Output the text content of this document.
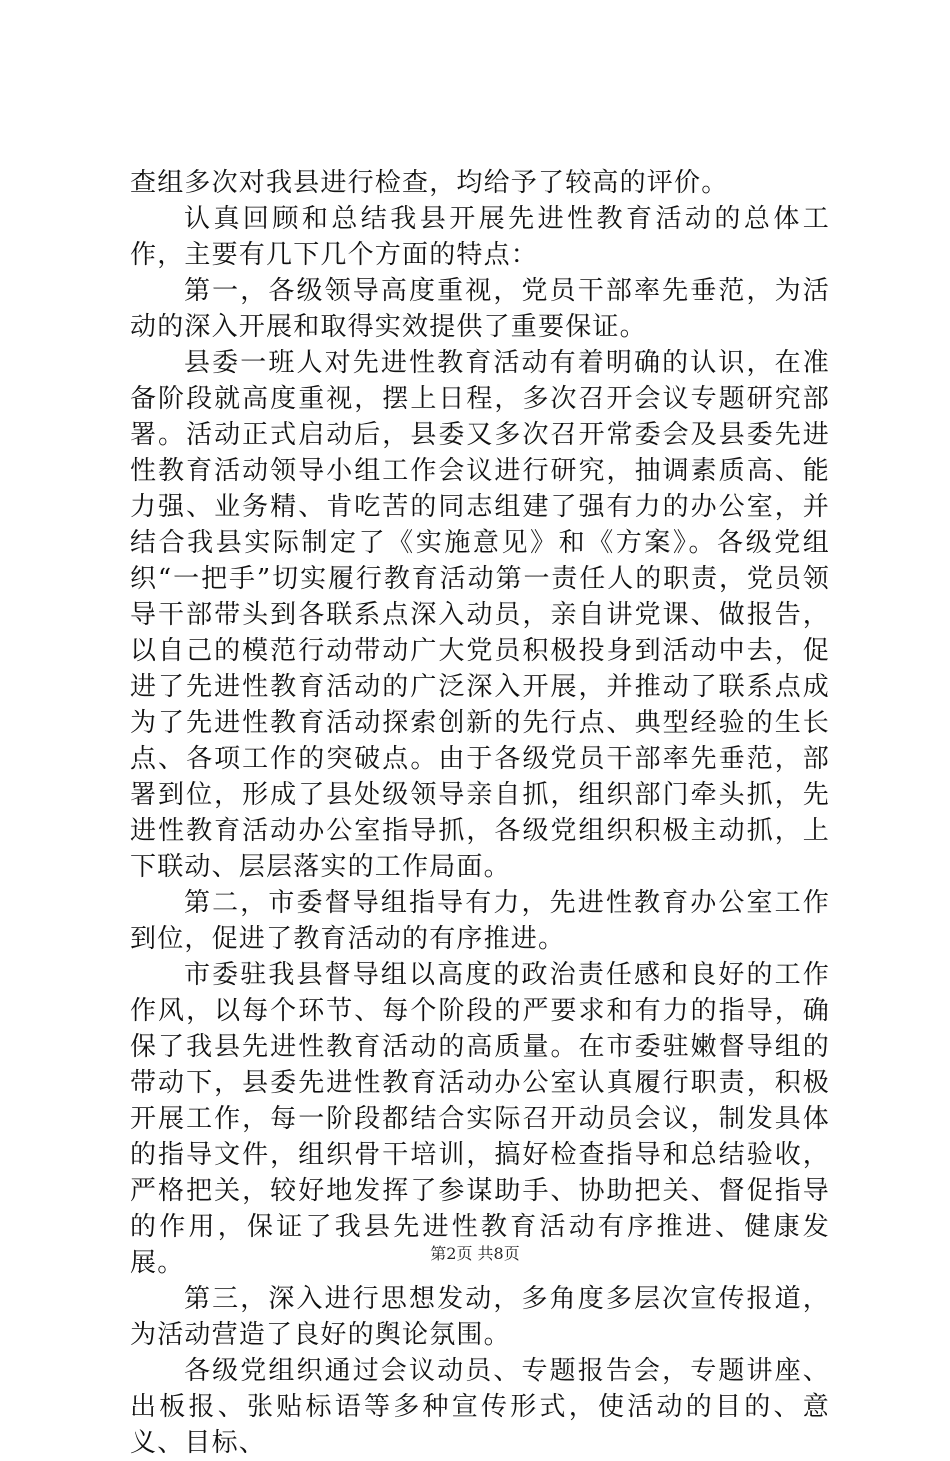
查组多次对我县进行检查，均给予了较高的评价。

认真回顾和总结我县开展先进性教育活动的总体工作，主要有几下几个方面的特点：

第一，各级领导高度重视，党员干部率先垂范，为活动的深入开展和取得实效提供了重要保证。

县委一班人对先进性教育活动有着明确的认识，在准备阶段就高度重视，摆上日程，多次召开会议专题研究部署。活动正式启动后，县委又多次召开常委会及县委先进性教育活动领导小组工作会议进行研究，抽调素质高、能力强、业务精、肯吃苦的同志组建了强有力的办公室，并结合我县实际制定了《实施意见》和《方案》。各级党组织“一把手”切实履行教育活动第一责任人的职责，党员领导干部带头到各联系点深入动员，亲自讲党课、做报告，以自己的模范行动带动广大党员积极投身到活动中去，促进了先进性教育活动的广泛深入开展，并推动了联系点成为了先进性教育活动探索创新的先行点、典型经验的生长点、各项工作的突破点。由于各级党员干部率先垂范，部署到位，形成了县处级领导亲自抓，组织部门牵头抓，先进性教育活动办公室指导抓，各级党组织积极主动抓，上下联动、层层落实的工作局面。

第二，市委督导组指导有力，先进性教育办公室工作到位，促进了教育活动的有序推进。

市委驻我县督导组以高度的政治责任感和良好的工作作风，以每个环节、每个阶段的严要求和有力的指导，确保了我县先进性教育活动的高质量。在市委驻嫩督导组的带动下，县委先进性教育活动办公室认真履行职责，积极开展工作，每一阶段都结合实际召开动员会议，制发具体的指导文件，组织骨干培训，搞好检查指导和总结验收，严格把关，较好地发挥了参谋助手、协助把关、督促指导的作用，保证了我县先进性教育活动有序推进、健康发展。

第三，深入进行思想发动，多角度多层次宣传报道，为活动营造了良好的舆论氛围。

各级党组织通过会议动员、专题报告会，专题讲座、出板报、张贴标语等多种宣传形式，使活动的目的、意义、目标、

第2页 共8页
